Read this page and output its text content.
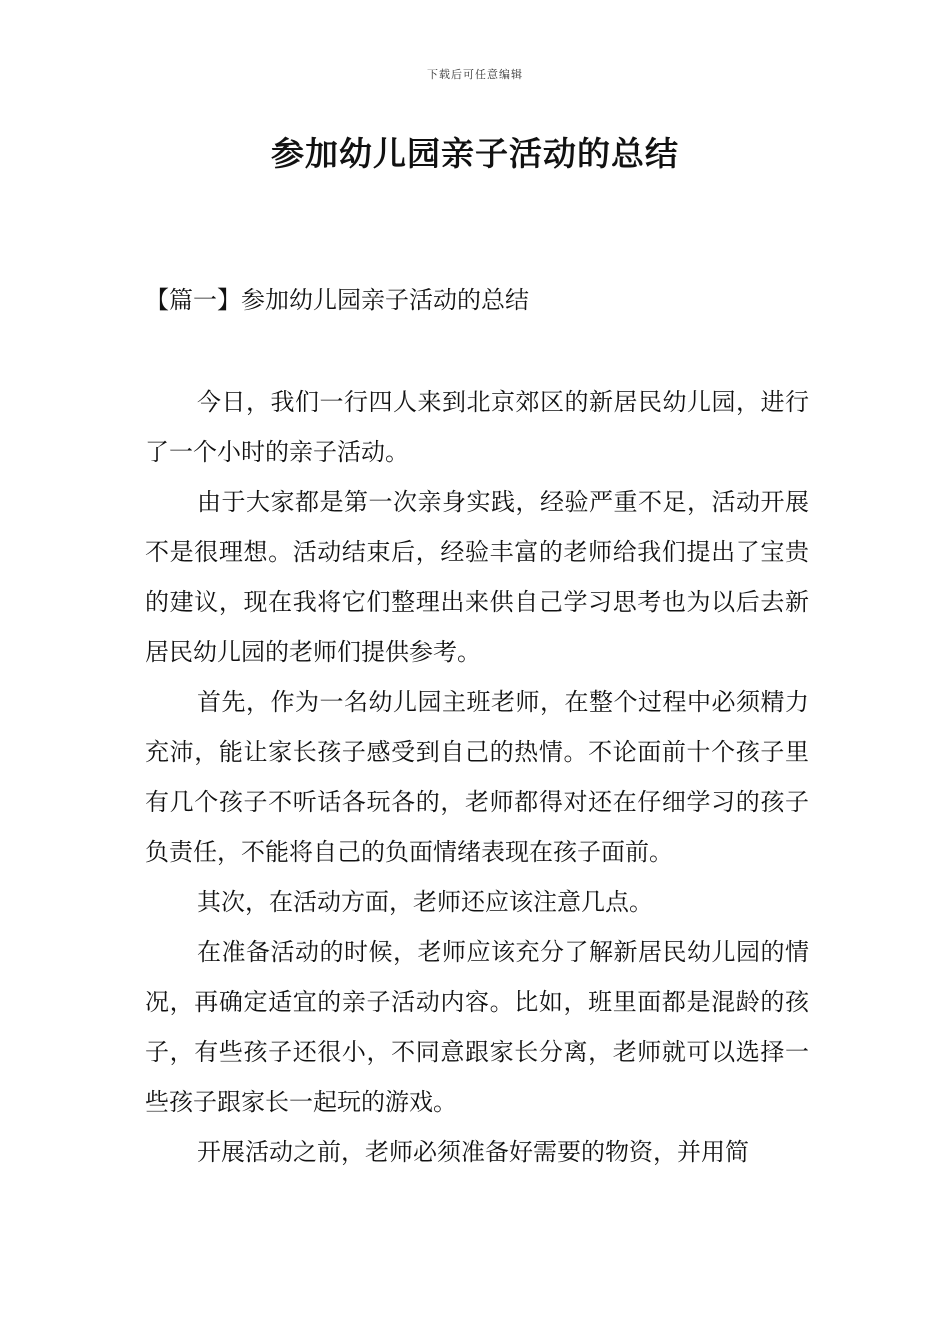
下载后可任意编辑
参加幼儿园亲子活动的总结
【篇一】参加幼儿园亲子活动的总结

今日，我们一行四人来到北京郊区的新居民幼儿园，进行了一个小时的亲子活动。

由于大家都是第一次亲身实践，经验严重不足，活动开展不是很理想。活动结束后，经验丰富的老师给我们提出了宝贵的建议，现在我将它们整理出来供自己学习思考也为以后去新居民幼儿园的老师们提供参考。

首先，作为一名幼儿园主班老师，在整个过程中必须精力充沛，能让家长孩子感受到自己的热情。不论面前十个孩子里有几个孩子不听话各玩各的，老师都得对还在仔细学习的孩子负责任，不能将自己的负面情绪表现在孩子面前。

其次，在活动方面，老师还应该注意几点。

在准备活动的时候，老师应该充分了解新居民幼儿园的情况，再确定适宜的亲子活动内容。比如，班里面都是混龄的孩子，有些孩子还很小，不同意跟家长分离，老师就可以选择一些孩子跟家长一起玩的游戏。

开展活动之前，老师必须准备好需要的物资，并用简
